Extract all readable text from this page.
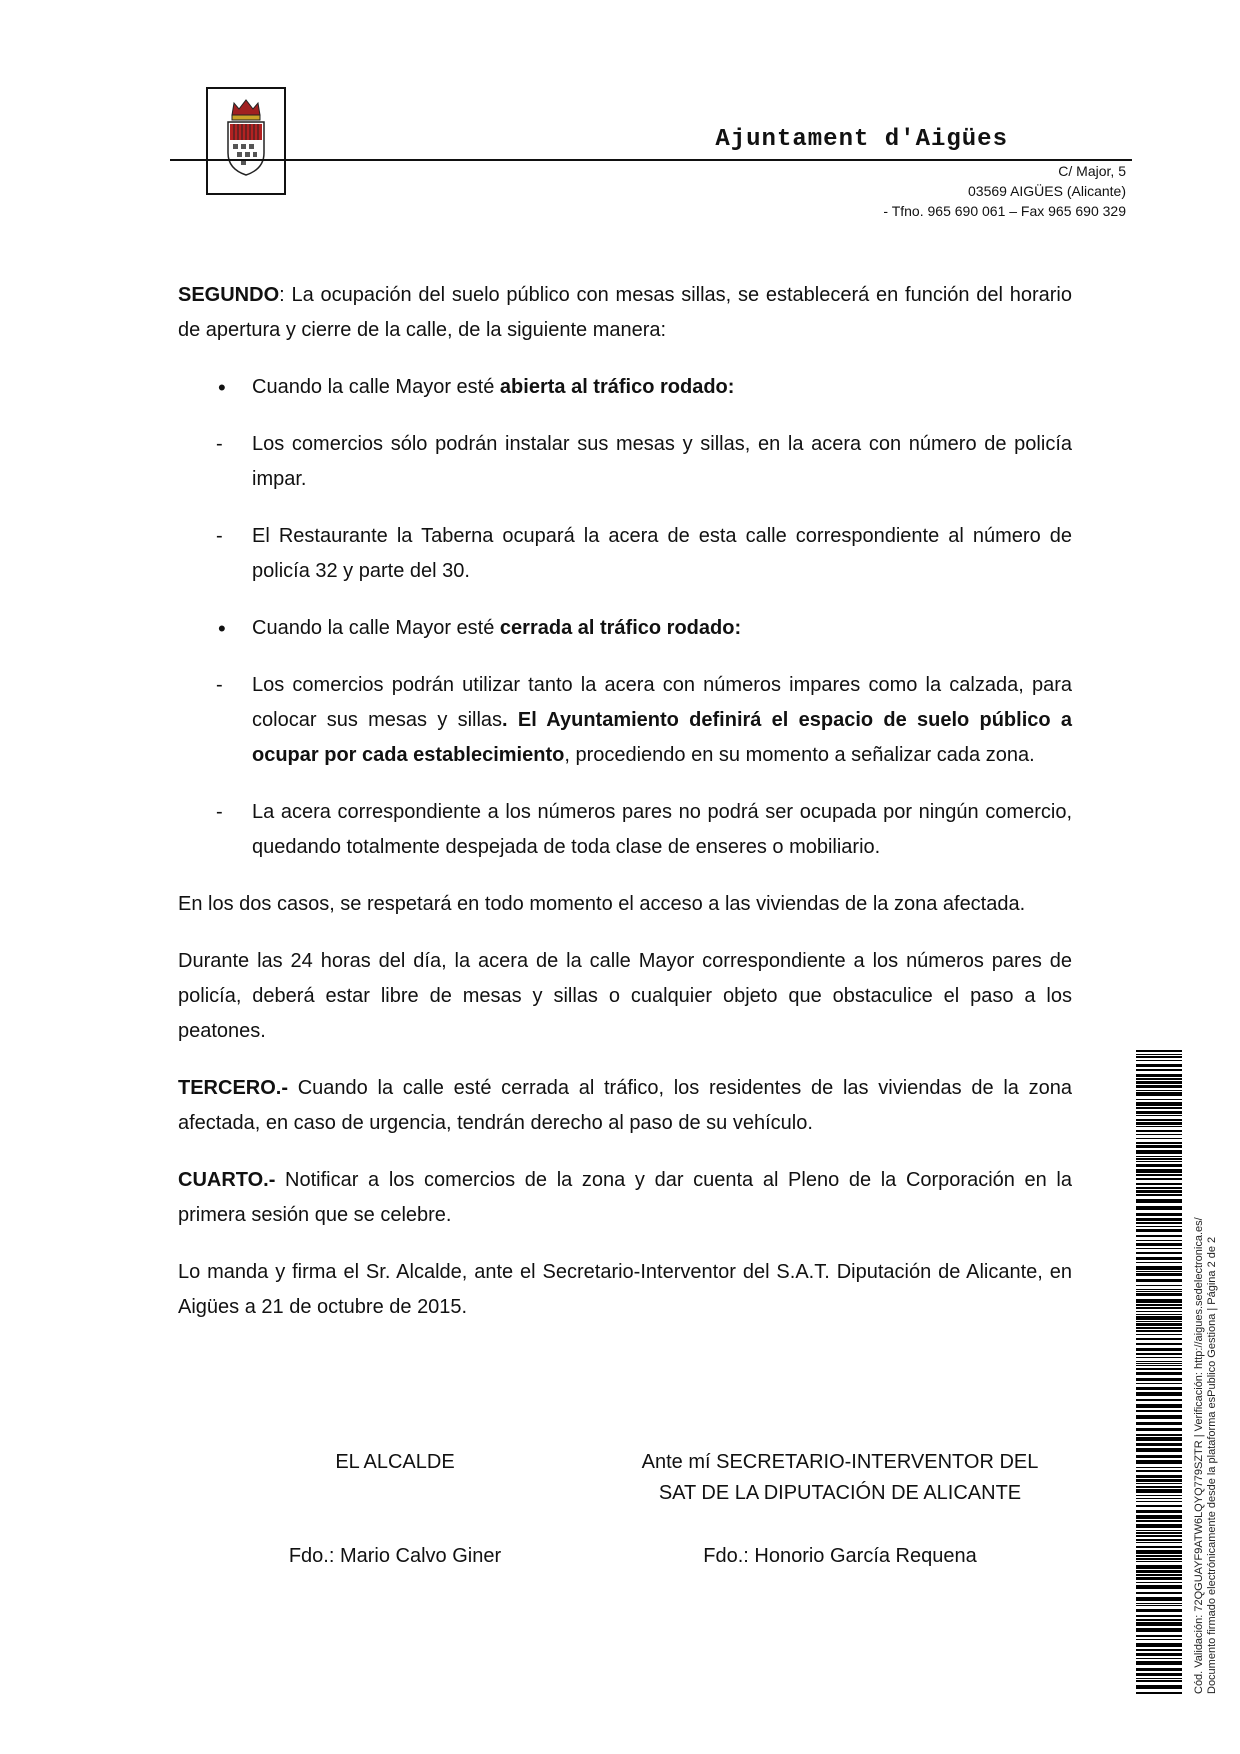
Ajuntament d'Aigües
C/ Major, 5
03569 AIGÜES (Alicante)
- Tfno. 965 690 061 – Fax 965 690 329

SEGUNDO: La ocupación del suelo público con mesas sillas, se establecerá en función del horario de apertura y cierre de la calle, de la siguiente manera:

• Cuando la calle Mayor esté abierta al tráfico rodado:
- Los comercios sólo podrán instalar sus mesas y sillas, en la acera con número de policía impar.
- El Restaurante la Taberna ocupará la acera de esta calle correspondiente al número de policía 32 y parte del 30.
• Cuando la calle Mayor esté cerrada al tráfico rodado:
- Los comercios podrán utilizar tanto la acera con números impares como la calzada, para colocar sus mesas y sillas. El Ayuntamiento definirá el espacio de suelo público a ocupar por cada establecimiento, procediendo en su momento a señalizar cada zona.
- La acera correspondiente a los números pares no podrá ser ocupada por ningún comercio, quedando totalmente despejada de toda clase de enseres o mobiliario.

En los dos casos, se respetará en todo momento el acceso a las viviendas de la zona afectada.

Durante las 24 horas del día, la acera de la calle Mayor correspondiente a los números pares de policía, deberá estar libre de mesas y sillas o cualquier objeto que obstaculice el paso a los peatones.

TERCERO.- Cuando la calle esté cerrada al tráfico, los residentes de las viviendas de la zona afectada, en caso de urgencia, tendrán derecho al paso de su vehículo.

CUARTO.- Notificar a los comercios de la zona y dar cuenta al Pleno de la Corporación en la primera sesión que se celebre.

Lo manda y firma el Sr. Alcalde, ante el Secretario-Interventor del S.A.T. Diputación de Alicante, en Aigües a 21 de octubre de 2015.

EL ALCALDE	Ante mí SECRETARIO-INTERVENTOR DEL
SAT DE LA DIPUTACIÓN DE ALICANTE
Fdo.: Mario Calvo Giner	Fdo.: Honorio García Requena	Cód. Validación: 72QGUAYF9ATW6LQYQ779SZTR | Verificación: http://aigues.sedelectronica.es/ Documento firmado electrónicamente desde la plataforma esPublico Gestiona | Página 2 de 2
